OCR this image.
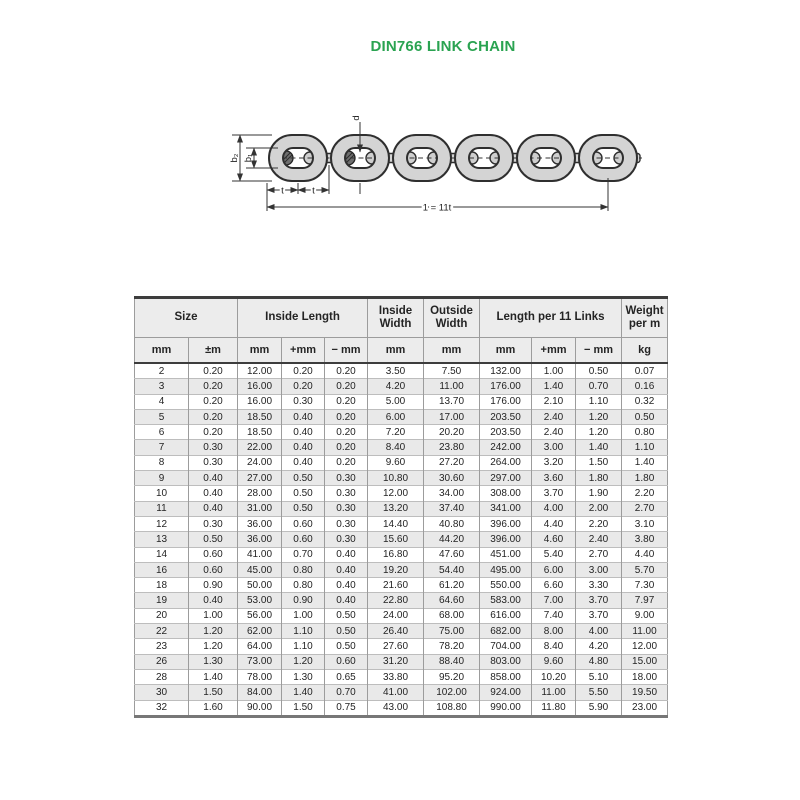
DIN766 LINK CHAIN
b₂ b₁
d
t	t
1 = 11t
Size		Inside Length			Inside Width	Outside Width	Length per 11 Links			Weight per m
mm	±m	mm	+mm	− mm	mm	mm	mm	+mm	− mm	kg
2	0.20	12.00	0.20	0.20	3.50	7.50	132.00	1.00	0.50	0.07
3	0.20	16.00	0.20	0.20	4.20	11.00	176.00	1.40	0.70	0.16
4	0.20	16.00	0.30	0.20	5.00	13.70	176.00	2.10	1.10	0.32
5	0.20	18.50	0.40	0.20	6.00	17.00	203.50	2.40	1.20	0.50
6	0.20	18.50	0.40	0.20	7.20	20.20	203.50	2.40	1.20	0.80
7	0.30	22.00	0.40	0.20	8.40	23.80	242.00	3.00	1.40	1.10
8	0.30	24.00	0.40	0.20	9.60	27.20	264.00	3.20	1.50	1.40
9	0.40	27.00	0.50	0.30	10.80	30.60	297.00	3.60	1.80	1.80
10	0.40	28.00	0.50	0.30	12.00	34.00	308.00	3.70	1.90	2.20
11	0.40	31.00	0.50	0.30	13.20	37.40	341.00	4.00	2.00	2.70
12	0.30	36.00	0.60	0.30	14.40	40.80	396.00	4.40	2.20	3.10
13	0.50	36.00	0.60	0.30	15.60	44.20	396.00	4.60	2.40	3.80
14	0.60	41.00	0.70	0.40	16.80	47.60	451.00	5.40	2.70	4.40
16	0.60	45.00	0.80	0.40	19.20	54.40	495.00	6.00	3.00	5.70
18	0.90	50.00	0.80	0.40	21.60	61.20	550.00	6.60	3.30	7.30
19	0.40	53.00	0.90	0.40	22.80	64.60	583.00	7.00	3.70	7.97
20	1.00	56.00	1.00	0.50	24.00	68.00	616.00	7.40	3.70	9.00
22	1.20	62.00	1.10	0.50	26.40	75.00	682.00	8.00	4.00	11.00
23	1.20	64.00	1.10	0.50	27.60	78.20	704.00	8.40	4.20	12.00
26	1.30	73.00	1.20	0.60	31.20	88.40	803.00	9.60	4.80	15.00
28	1.40	78.00	1.30	0.65	33.80	95.20	858.00	10.20	5.10	18.00
30	1.50	84.00	1.40	0.70	41.00	102.00	924.00	11.00	5.50	19.50
32	1.60	90.00	1.50	0.75	43.00	108.80	990.00	11.80	5.90	23.00
